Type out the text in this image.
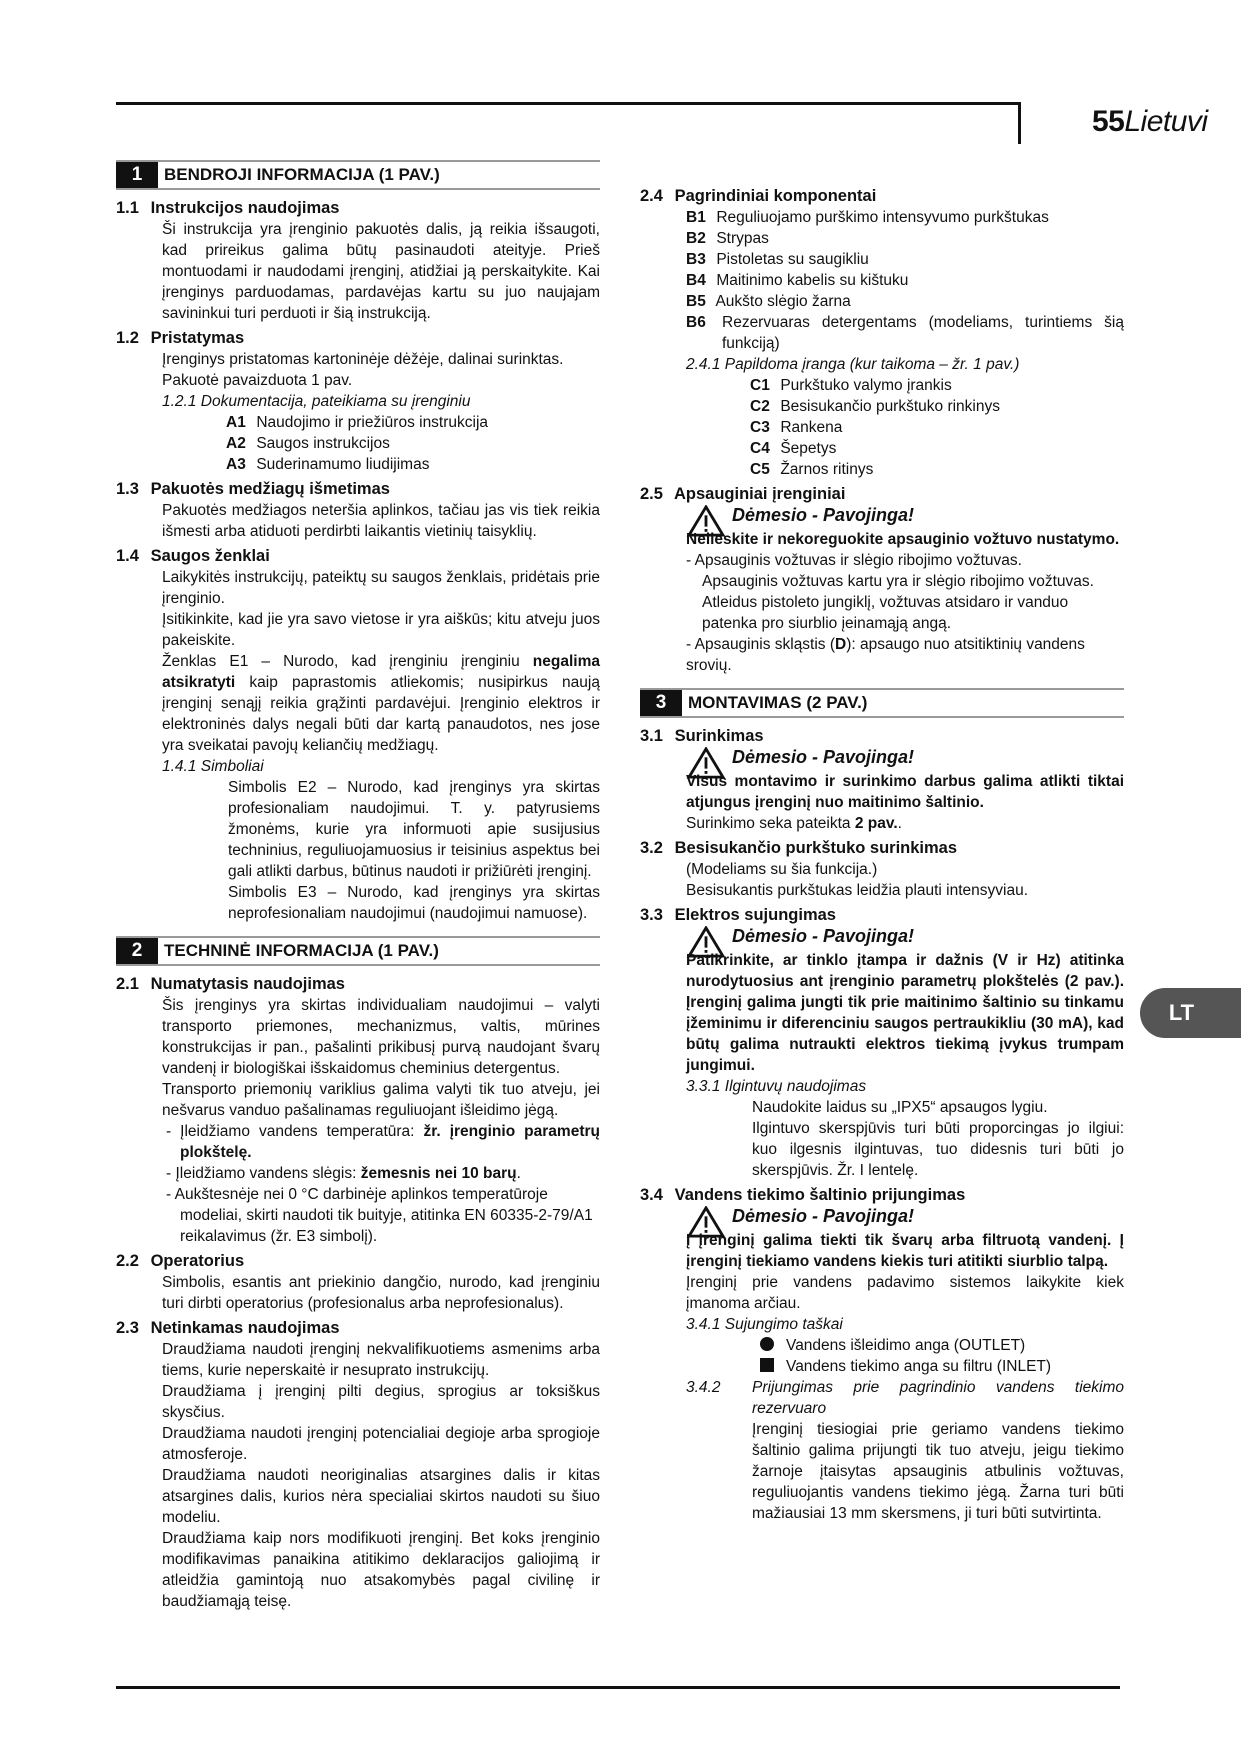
55Lietuvi
LT
1	BENDROJI INFORMACIJA (1 PAV.)
1.1 Instrukcijos naudojimas
Ši instrukcija yra įrenginio pakuotės dalis, ją reikia išsaugoti, kad prireikus galima būtų pasinaudoti ateityje. Prieš montuodami ir naudodami įrenginį, atidžiai ją perskaitykite. Kai įrenginys parduodamas, pardavėjas kartu su juo naujajam savininkui turi perduoti ir šią instrukciją.
1.2 Pristatymas
Įrenginys pristatomas kartoninėje dėžėje, dalinai surinktas.
Pakuotė pavaizduota 1 pav.
1.2.1 Dokumentacija, pateikiama su įrenginiu
A1 Naudojimo ir priežiūros instrukcija
A2 Saugos instrukcijos
A3 Suderinamumo liudijimas
1.3 Pakuotės medžiagų išmetimas
Pakuotės medžiagos neteršia aplinkos, tačiau jas vis tiek reikia išmesti arba atiduoti perdirbti laikantis vietinių taisyklių.
1.4 Saugos ženklai
Laikykitės instrukcijų, pateiktų su saugos ženklais, pridėtais prie įrenginio.
Įsitikinkite, kad jie yra savo vietose ir yra aiškūs; kitu atveju juos pakeiskite.
Ženklas E1 – Nurodo, kad įrenginiu įrenginiu negalima atsikratyti kaip paprastomis atliekomis; nusipirkus naują įrenginį senąjį reikia grąžinti pardavėjui. Įrenginio elektros ir elektroninės dalys negali būti dar kartą panaudotos, nes jose yra sveikatai pavojų keliančių medžiagų.
1.4.1 Simboliai
Simbolis E2 – Nurodo, kad įrenginys yra skirtas profesionaliam naudojimui. T. y. patyrusiems žmonėms, kurie yra informuoti apie susijusius techninius, reguliuojamuosius ir teisinius aspektus bei gali atlikti darbus, būtinus naudoti ir prižiūrėti įrenginį.
Simbolis E3 – Nurodo, kad įrenginys yra skirtas neprofesionaliam naudojimui (naudojimui namuose).
2	TECHNINĖ INFORMACIJA (1 PAV.)
2.1 Numatytasis naudojimas
Šis įrenginys yra skirtas individualiam naudojimui – valyti transporto priemones, mechanizmus, valtis, mūrines konstrukcijas ir pan., pašalinti prikibusį purvą naudojant švarų vandenį ir biologiškai išskaidomus cheminius detergentus.
Transporto priemonių variklius galima valyti tik tuo atveju, jei nešvarus vanduo pašalinamas reguliuojant išleidimo jėgą.
- Įleidžiamo vandens temperatūra: žr. įrenginio parametrų plokštelę.
- Įleidžiamo vandens slėgis: žemesnis nei 10 barų.
- Aukštesnėje nei 0 °C darbinėje aplinkos temperatūroje modeliai, skirti naudoti tik buityje, atitinka EN 60335-2-79/A1 reikalavimus (žr. E3 simbolį).
2.2 Operatorius
Simbolis, esantis ant priekinio dangčio, nurodo, kad įrenginiu turi dirbti operatorius (profesionalus arba neprofesionalus).
2.3 Netinkamas naudojimas
Draudžiama naudoti įrenginį nekvalifikuotiems asmenims arba tiems, kurie neperskaitė ir nesuprato instrukcijų.
Draudžiama į įrenginį pilti degius, sprogius ar toksiškus skysčius.
Draudžiama naudoti įrenginį potencialiai degioje arba sprogioje atmosferoje.
Draudžiama naudoti neoriginalias atsargines dalis ir kitas atsargines dalis, kurios nėra specialiai skirtos naudoti su šiuo modeliu.
Draudžiama kaip nors modifikuoti įrenginį. Bet koks įrenginio modifikavimas panaikina atitikimo deklaracijos galiojimą ir atleidžia gamintoją nuo atsakomybės pagal civilinę ir baudžiamąją teisę.
2.4 Pagrindiniai komponentai
B1 Reguliuojamo purškimo intensyvumo purkštukas
B2 Strypas
B3 Pistoletas su saugikliu
B4 Maitinimo kabelis su kištuku
B5 Aukšto slėgio žarna
B6	Rezervuaras detergentams (modeliams, turintiems šią funkciją)
2.4.1 Papildoma įranga (kur taikoma – žr. 1 pav.)
C1 Purkštuko valymo įrankis
C2 Besisukančio purkštuko rinkinys
C3 Rankena
C4 Šepetys
C5 Žarnos ritinys
2.5 Apsauginiai įrenginiai
Dėmesio - Pavojinga!
Nelieskite ir nekoreguokite apsauginio vožtuvo nustatymo.
- Apsauginis vožtuvas ir slėgio ribojimo vožtuvas.
Apsauginis vožtuvas kartu yra ir slėgio ribojimo vožtuvas. Atleidus pistoleto jungiklį, vožtuvas atsidaro ir vanduo patenka pro siurblio įeinamąją angą.
- Apsauginis skląstis (D): apsaugo nuo atsitiktinių vandens srovių.
3	MONTAVIMAS (2 PAV.)
3.1 Surinkimas
Dėmesio - Pavojinga!
Visus montavimo ir surinkimo darbus galima atlikti tiktai atjungus įrenginį nuo maitinimo šaltinio.
Surinkimo seka pateikta 2 pav..
3.2 Besisukančio purkštuko surinkimas
(Modeliams su šia funkcija.)
Besisukantis purkštukas leidžia plauti intensyviau.
3.3 Elektros sujungimas
Dėmesio - Pavojinga!
Patikrinkite, ar tinklo įtampa ir dažnis (V ir Hz) atitinka nurodytuosius ant įrenginio parametrų plokštelės (2 pav.). Įrenginį galima jungti tik prie maitinimo šaltinio su tinkamu įžeminimu ir diferenciniu saugos pertraukikliu (30 mA), kad būtų galima nutraukti elektros tiekimą įvykus trumpam jungimui.
3.3.1 Ilgintuvų naudojimas
Naudokite laidus su „IPX5“ apsaugos lygiu.
Ilgintuvo skerspjūvis turi būti proporcingas jo ilgiui: kuo ilgesnis ilgintuvas, tuo didesnis turi būti jo skerspjūvis. Žr. I lentelę.
3.4 Vandens tiekimo šaltinio prijungimas
Dėmesio - Pavojinga!
Į įrenginį galima tiekti tik švarų arba filtruotą vandenį. Į įrenginį tiekiamo vandens kiekis turi atitikti siurblio talpą.
Įrenginį prie vandens padavimo sistemos laikykite kiek įmanoma arčiau.
3.4.1 Sujungimo taškai
Vandens išleidimo anga (OUTLET)
Vandens tiekimo anga su filtru (INLET)
3.4.2	Prijungimas prie pagrindinio vandens tiekimo rezervuaro
Įrenginį tiesiogiai prie geriamo vandens tiekimo šaltinio galima prijungti tik tuo atveju, jeigu tiekimo žarnoje įtaisytas apsauginis atbulinis vožtuvas, reguliuojantis vandens tiekimo jėgą. Žarna turi būti mažiausiai 13 mm skersmens, ji turi būti sutvirtinta.
